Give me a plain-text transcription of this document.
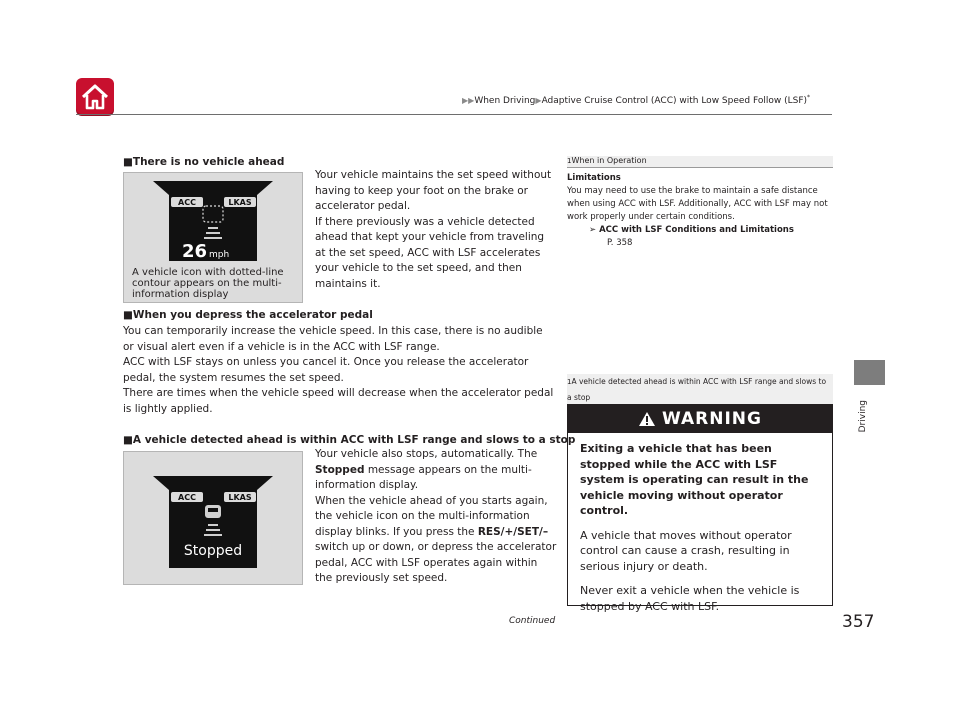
▶▶When Driving▶Adaptive Cruise Control (ACC) with Low Speed Follow (LSF)*
Driving
■There is no vehicle ahead
ACC	LKAS
26 mph
A vehicle icon with dotted-line contour appears on the multi-information display
Your vehicle maintains the set speed without having to keep your foot on the brake or accelerator pedal.
If there previously was a vehicle detected ahead that kept your vehicle from traveling at the set speed, ACC with LSF accelerates your vehicle to the set speed, and then maintains it.
■When you depress the accelerator pedal
You can temporarily increase the vehicle speed. In this case, there is no audible or visual alert even if a vehicle is in the ACC with LSF range.
ACC with LSF stays on unless you cancel it. Once you release the accelerator pedal, the system resumes the set speed.
There are times when the vehicle speed will decrease when the accelerator pedal is lightly applied.
■A vehicle detected ahead is within ACC with LSF range and slows to a stop
ACC	LKAS
Stopped
Your vehicle also stops, automatically. The
Stopped message appears on the multi-information display.
When the vehicle ahead of you starts again, the vehicle icon on the multi-information display blinks. If you press the RES/+/SET/–
switch up or down, or depress the accelerator pedal, ACC with LSF operates again within the previously set speed.
1When in Operation
Limitations
You may need to use the brake to maintain a safe distance when using ACC with LSF. Additionally, ACC with LSF may not work properly under certain conditions.
➢ ACC with LSF Conditions and Limitations
P. 358
1A vehicle detected ahead is within ACC with LSF range and slows to a stop
WARNING
Exiting a vehicle that has been stopped while the ACC with LSF system is operating can result in the vehicle moving without operator control.
A vehicle that moves without operator control can cause a crash, resulting in serious injury or death.
Never exit a vehicle when the vehicle is stopped by ACC with LSF.
Continued	357
